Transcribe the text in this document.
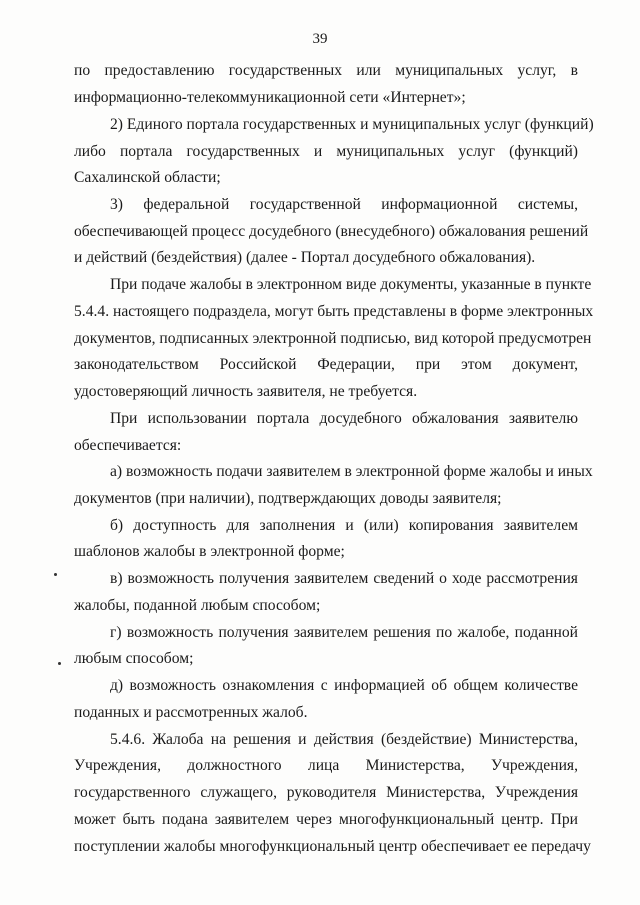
39
по предоставлению государственных или муниципальных услуг, в
информационно-телекоммуникационной сети «Интернет»;
2) Единого портала государственных и муниципальных услуг (функций)
либо портала государственных и муниципальных услуг (функций)
Сахалинской области;
3) федеральной государственной информационной системы,
обеспечивающей процесс досудебного (внесудебного) обжалования решений
и действий (бездействия) (далее - Портал досудебного обжалования).
При подаче жалобы в электронном виде документы, указанные в пункте
5.4.4. настоящего подраздела, могут быть представлены в форме электронных
документов, подписанных электронной подписью, вид которой предусмотрен
законодательством Российской Федерации, при этом документ,
удостоверяющий личность заявителя, не требуется.
При использовании портала досудебного обжалования заявителю
обеспечивается:
а) возможность подачи заявителем в электронной форме жалобы и иных
документов (при наличии), подтверждающих доводы заявителя;
б) доступность для заполнения и (или) копирования заявителем
шаблонов жалобы в электронной форме;
в) возможность получения заявителем сведений о ходе рассмотрения
жалобы, поданной любым способом;
г) возможность получения заявителем решения по жалобе, поданной
любым способом;
д) возможность ознакомления с информацией об общем количестве
поданных и рассмотренных жалоб.
5.4.6. Жалоба на решения и действия (бездействие) Министерства,
Учреждения, должностного лица Министерства, Учреждения,
государственного служащего, руководителя Министерства, Учреждения
может быть подана заявителем через многофункциональный центр. При
поступлении жалобы многофункциональный центр обеспечивает ее передачу
